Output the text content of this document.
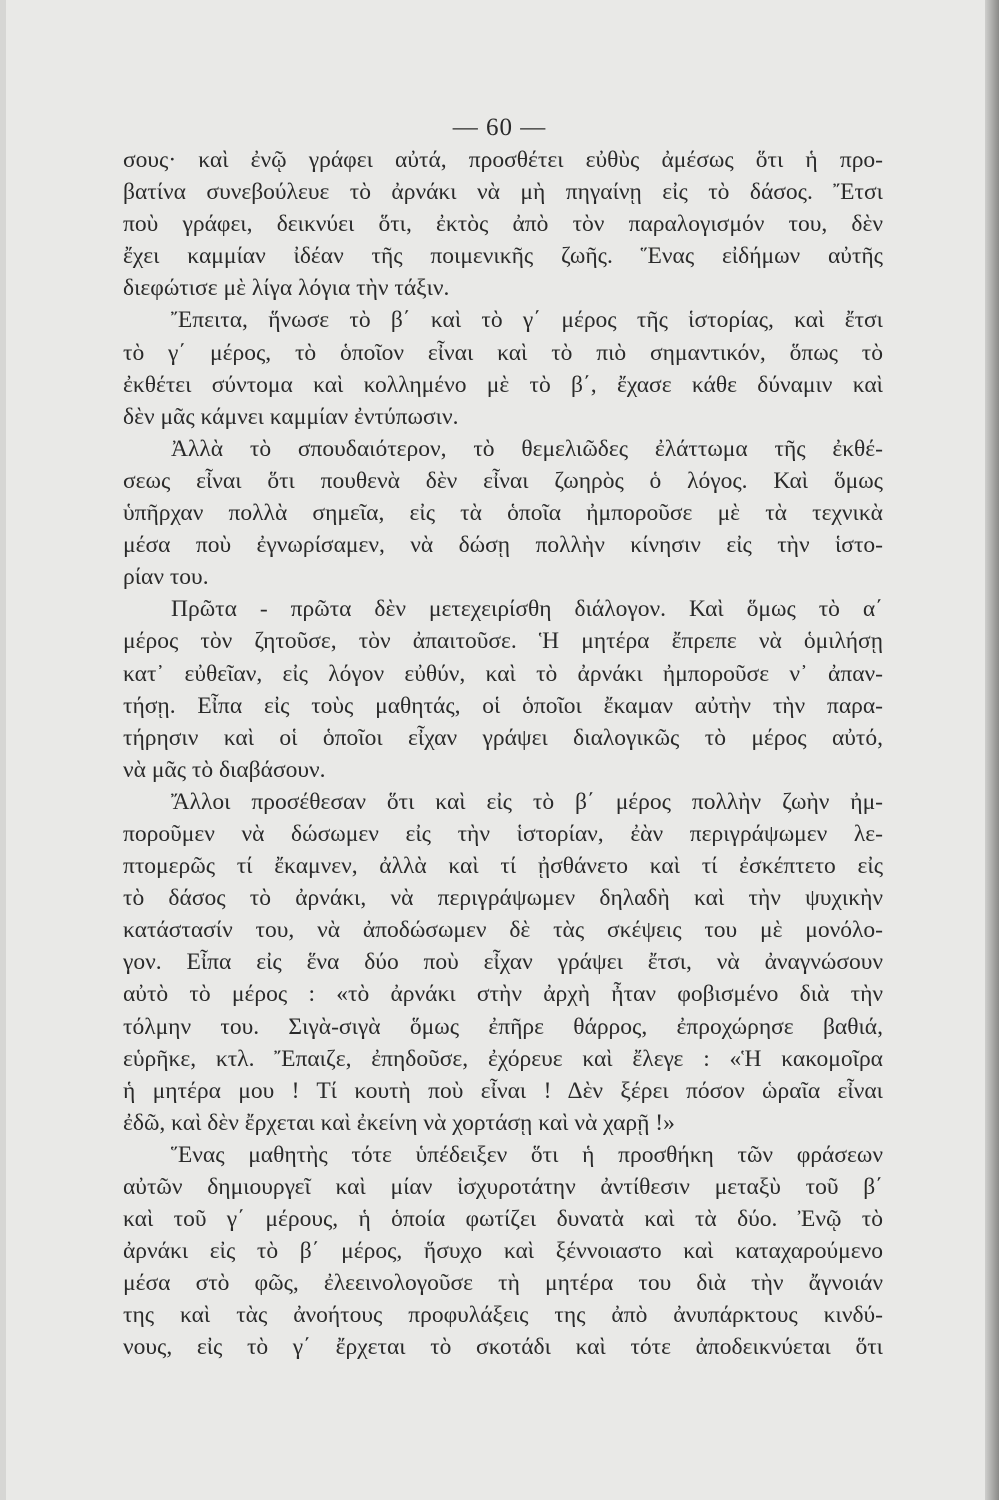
— 60 —
σους· καὶ ἐνῷ γράφει αὐτά, προσθέτει εὐθὺς ἀμέσως ὅτι ἡ προ-
βατίνα συνεβούλευε τὸ ἀρνάκι νὰ μὴ πηγαίνῃ εἰς τὸ δάσος. Ἔτσι
ποὺ γράφει, δεικνύει ὅτι, ἐκτὸς ἀπὸ τὸν παραλογισμόν του, δὲν
ἔχει καμμίαν ἰδέαν τῆς ποιμενικῆς ζωῆς. Ἕνας εἰδήμων αὐτῆς
διεφώτισε μὲ λίγα λόγια τὴν τάξιν.
Ἔπειτα, ἥνωσε τὸ β΄ καὶ τὸ γ΄ μέρος τῆς ἱστορίας, καὶ ἔτσι
τὸ γ΄ μέρος, τὸ ὁποῖον εἶναι καὶ τὸ πιὸ σημαντικόν, ὅπως τὸ
ἐκθέτει σύντομα καὶ κολλημένο μὲ τὸ β΄, ἔχασε κάθε δύναμιν καὶ
δὲν μᾶς κάμνει καμμίαν ἐντύπωσιν.
Ἀλλὰ τὸ σπουδαιότερον, τὸ θεμελιῶδες ἐλάττωμα τῆς ἐκθέ-
σεως εἶναι ὅτι πουθενὰ δὲν εἶναι ζωηρὸς ὁ λόγος. Καὶ ὅμως
ὑπῆρχαν πολλὰ σημεῖα, εἰς τὰ ὁποῖα ἠμποροῦσε μὲ τὰ τεχνικὰ
μέσα ποὺ ἐγνωρίσαμεν, νὰ δώσῃ πολλὴν κίνησιν εἰς τὴν ἱστο-
ρίαν του.
Πρῶτα - πρῶτα δὲν μετεχειρίσθη διάλογον. Καὶ ὅμως τὸ α΄
μέρος τὸν ζητοῦσε, τὸν ἀπαιτοῦσε. Ἡ μητέρα ἔπρεπε νὰ ὁμιλήσῃ
κατ᾽ εὐθεῖαν, εἰς λόγον εὐθύν, καὶ τὸ ἀρνάκι ἠμποροῦσε ν᾽ ἀπαν-
τήσῃ. Εἶπα εἰς τοὺς μαθητάς, οἱ ὁποῖοι ἔκαμαν αὐτὴν τὴν παρα-
τήρησιν καὶ οἱ ὁποῖοι εἶχαν γράψει διαλογικῶς τὸ μέρος αὐτό,
νὰ μᾶς τὸ διαβάσουν.
Ἄλλοι προσέθεσαν ὅτι καὶ εἰς τὸ β΄ μέρος πολλὴν ζωὴν ἠμ-
ποροῦμεν νὰ δώσωμεν εἰς τὴν ἱστορίαν, ἐὰν περιγράψωμεν λε-
πτομερῶς τί ἔκαμνεν, ἀλλὰ καὶ τί ᾐσθάνετο καὶ τί ἐσκέπτετο εἰς
τὸ δάσος τὸ ἀρνάκι, νὰ περιγράψωμεν δηλαδὴ καὶ τὴν ψυχικὴν
κατάστασίν του, νὰ ἀποδώσωμεν δὲ τὰς σκέψεις του μὲ μονόλο-
γον. Εἶπα εἰς ἕνα δύο ποὺ εἶχαν γράψει ἔτσι, νὰ ἀναγνώσουν
αὐτὸ τὸ μέρος : «τὸ ἀρνάκι στὴν ἀρχὴ ἦταν φοβισμένο διὰ τὴν
τόλμην του. Σιγὰ-σιγὰ ὅμως ἐπῆρε θάρρος, ἐπροχώρησε βαθιά,
εὑρῆκε, κτλ. Ἔπαιζε, ἐπηδοῦσε, ἐχόρευε καὶ ἔλεγε : «Ἡ κακομοῖρα
ἡ μητέρα μου ! Τί κουτὴ ποὺ εἶναι ! Δὲν ξέρει πόσον ὡραῖα εἶναι
ἐδῶ, καὶ δὲν ἔρχεται καὶ ἐκείνη νὰ χορτάσῃ καὶ νὰ χαρῇ !»
Ἕνας μαθητὴς τότε ὑπέδειξεν ὅτι ἡ προσθήκη τῶν φράσεων
αὐτῶν δημιουργεῖ καὶ μίαν ἰσχυροτάτην ἀντίθεσιν μεταξὺ τοῦ β΄
καὶ τοῦ γ΄ μέρους, ἡ ὁποία φωτίζει δυνατὰ καὶ τὰ δύο. Ἐνῷ τὸ
ἀρνάκι εἰς τὸ β΄ μέρος, ἥσυχο καὶ ξέννοιαστο καὶ καταχαρούμενο
μέσα στὸ φῶς, ἐλεεινολογοῦσε τὴ μητέρα του διὰ τὴν ἄγνοιάν
της καὶ τὰς ἀνοήτους προφυλάξεις της ἀπὸ ἀνυπάρκτους κινδύ-
νους, εἰς τὸ γ΄ ἔρχεται τὸ σκοτάδι καὶ τότε ἀποδεικνύεται ὅτι
